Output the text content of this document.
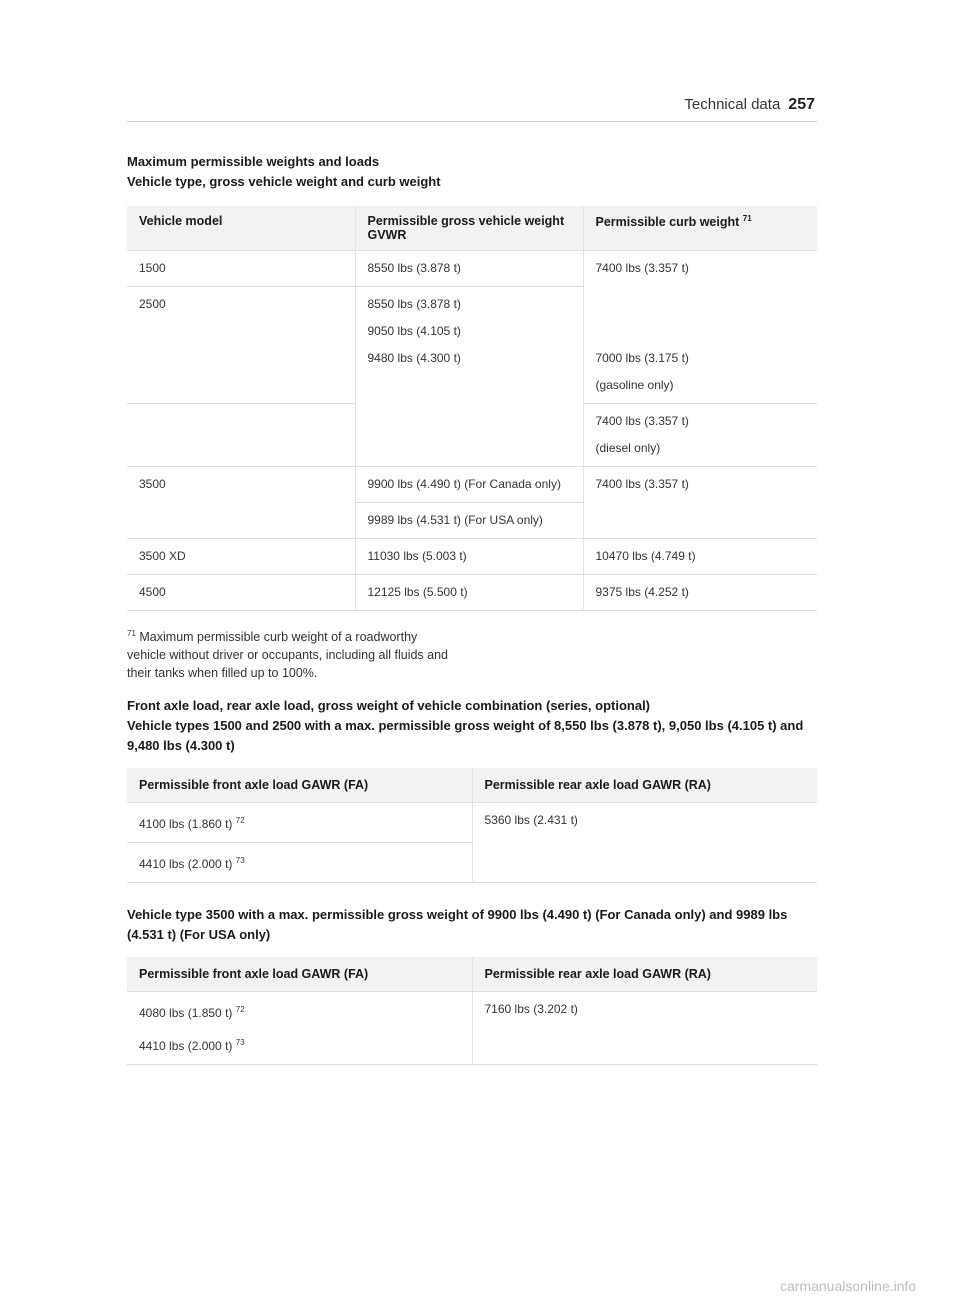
Technical data 257

Maximum permissible weights and loads

Vehicle type, gross vehicle weight and curb weight

Vehicle model	Permissible gross vehicle weight GVWR	Permissible curb weight $^{71}$
1500	8550 lbs (3.878 t)	7400 lbs (3.357 t)
2500	8550 lbs (3.878 t)	
	9050 lbs (4.105 t)	
	9480 lbs (4.300 t)	7000 lbs (3.175 t)
(gasoline only)

		7400 lbs (3.357 t)
(diesel only)

3500	9900 lbs (4.490 t) (For Canada only)	7400 lbs (3.357 t)
	9989 lbs (4.531 t) (For USA only)	
3500 XD	11030 lbs (5.003 t)	10470 lbs (4.749 t)
4500	12125 lbs (5.500 t)	9375 lbs (4.252 t)

$^{71}$ Maximum permissible curb weight of a roadworthy vehicle without driver or occupants, including all fluids and their tanks when filled up to 100%.

Front axle load, rear axle load, gross weight of vehicle combination (series, optional)

Vehicle types 1500 and 2500 with a max. permissible gross weight of 8,550 lbs (3.878 t), 9,050 lbs (4.105 t) and 9,480 lbs (4.300 t)

Permissible front axle load GAWR (FA)	Permissible rear axle load GAWR (RA)
4100 lbs (1.860 t) $^{72}$	5360 lbs (2.431 t)
4410 lbs (2.000 t) $^{73}$

Vehicle type 3500 with a max. permissible gross weight of 9900 lbs (4.490 t) (For Canada only) and 9989 lbs (4.531 t) (For USA only)

Permissible front axle load GAWR (FA)	Permissible rear axle load GAWR (RA)
4080 lbs (1.850 t) $^{72}$	7160 lbs (3.202 t)
4410 lbs (2.000 t) $^{73}$
carmanualsonline.info
